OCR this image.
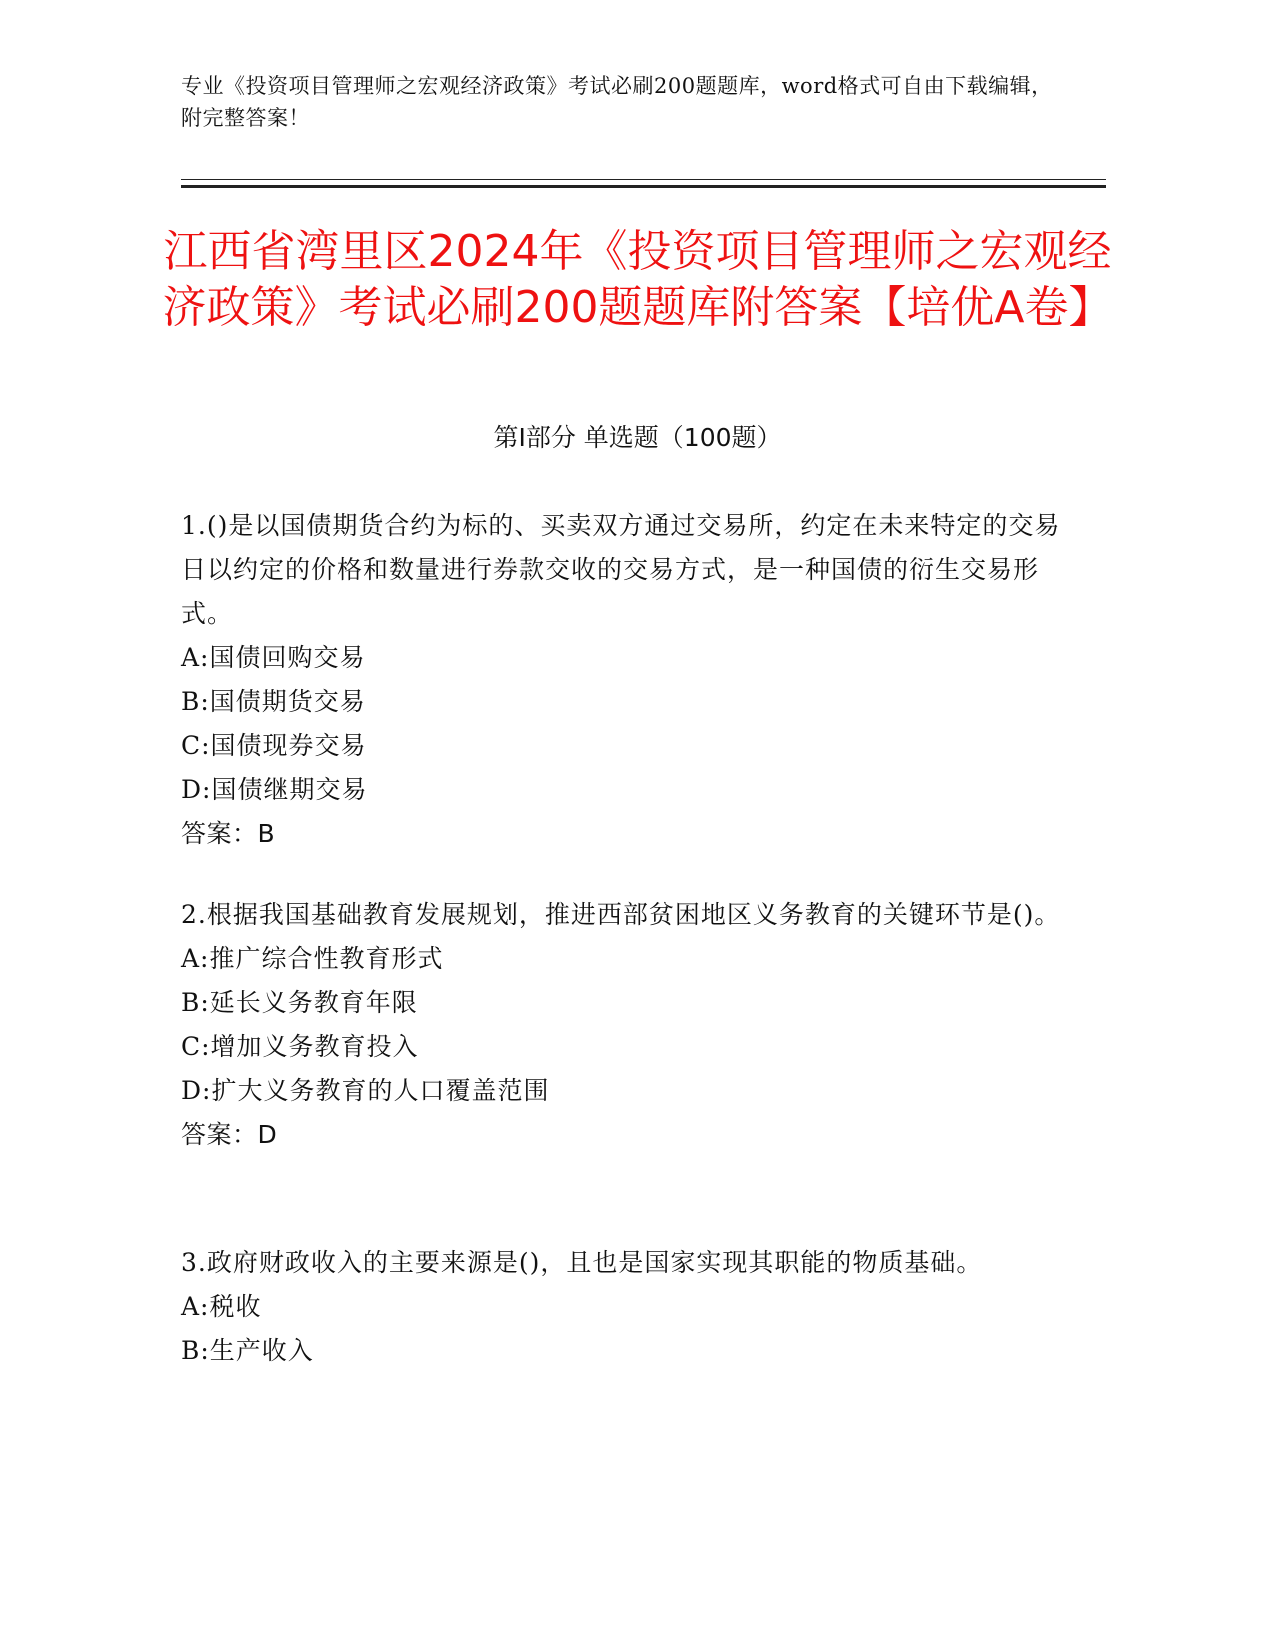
专业《投资项目管理师之宏观经济政策》考试必刷200题题库，word格式可自由下载编辑，附完整答案！
江西省湾里区2024年《投资项目管理师之宏观经济政策》考试必刷200题题库附答案【培优A卷】
第I部分 单选题（100题）

1.()是以国债期货合约为标的、买卖双方通过交易所，约定在未来特定的交易日以约定的价格和数量进行券款交收的交易方式，是一种国债的衍生交易形式。

A:国债回购交易

B:国债期货交易

C:国债现券交易

D:国债继期交易

答案：B

2.根据我国基础教育发展规划，推进西部贫困地区义务教育的关键环节是()。

A:推广综合性教育形式

B:延长义务教育年限

C:增加义务教育投入

D:扩大义务教育的人口覆盖范围

答案：D

3.政府财政收入的主要来源是()，且也是国家实现其职能的物质基础。

A:税收

B:生产收入
